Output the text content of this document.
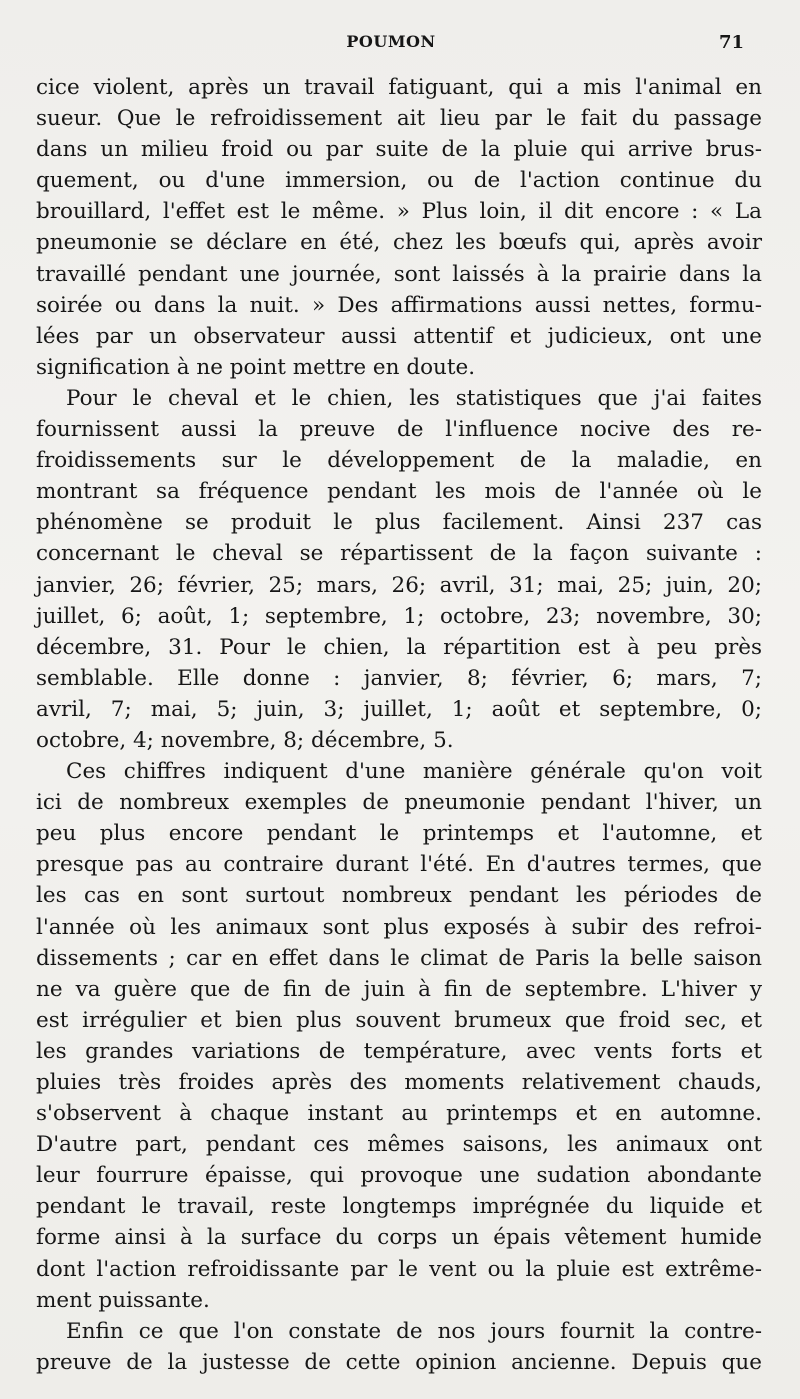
POUMON	71
cice violent, après un travail fatiguant, qui a mis l'animal en
sueur. Que le refroidissement ait lieu par le fait du passage
dans un milieu froid ou par suite de la pluie qui arrive brus-
quement, ou d'une immersion, ou de l'action continue du
brouillard, l'effet est le même. » Plus loin, il dit encore : « La
pneumonie se déclare en été, chez les bœufs qui, après avoir
travaillé pendant une journée, sont laissés à la prairie dans la
soirée ou dans la nuit. » Des affirmations aussi nettes, formu-
lées par un observateur aussi attentif et judicieux, ont une
signification à ne point mettre en doute.
Pour le cheval et le chien, les statistiques que j'ai faites
fournissent aussi la preuve de l'influence nocive des re-
froidissements sur le développement de la maladie, en
montrant sa fréquence pendant les mois de l'année où le
phénomène se produit le plus facilement. Ainsi 237 cas
concernant le cheval se répartissent de la façon suivante :
janvier, 26; février, 25; mars, 26; avril, 31; mai, 25; juin, 20;
juillet, 6; août, 1; septembre, 1; octobre, 23; novembre, 30;
décembre, 31. Pour le chien, la répartition est à peu près
semblable. Elle donne : janvier, 8; février, 6; mars, 7;
avril, 7; mai, 5; juin, 3; juillet, 1; août et septembre, 0;
octobre, 4; novembre, 8; décembre, 5.
Ces chiffres indiquent d'une manière générale qu'on voit
ici de nombreux exemples de pneumonie pendant l'hiver, un
peu plus encore pendant le printemps et l'automne, et
presque pas au contraire durant l'été. En d'autres termes, que
les cas en sont surtout nombreux pendant les périodes de
l'année où les animaux sont plus exposés à subir des refroi-
dissements ; car en effet dans le climat de Paris la belle saison
ne va guère que de fin de juin à fin de septembre. L'hiver y
est irrégulier et bien plus souvent brumeux que froid sec, et
les grandes variations de température, avec vents forts et
pluies très froides après des moments relativement chauds,
s'observent à chaque instant au printemps et en automne.
D'autre part, pendant ces mêmes saisons, les animaux ont
leur fourrure épaisse, qui provoque une sudation abondante
pendant le travail, reste longtemps imprégnée du liquide et
forme ainsi à la surface du corps un épais vêtement humide
dont l'action refroidissante par le vent ou la pluie est extrême-
ment puissante.
Enfin ce que l'on constate de nos jours fournit la contre-
preuve de la justesse de cette opinion ancienne. Depuis que
